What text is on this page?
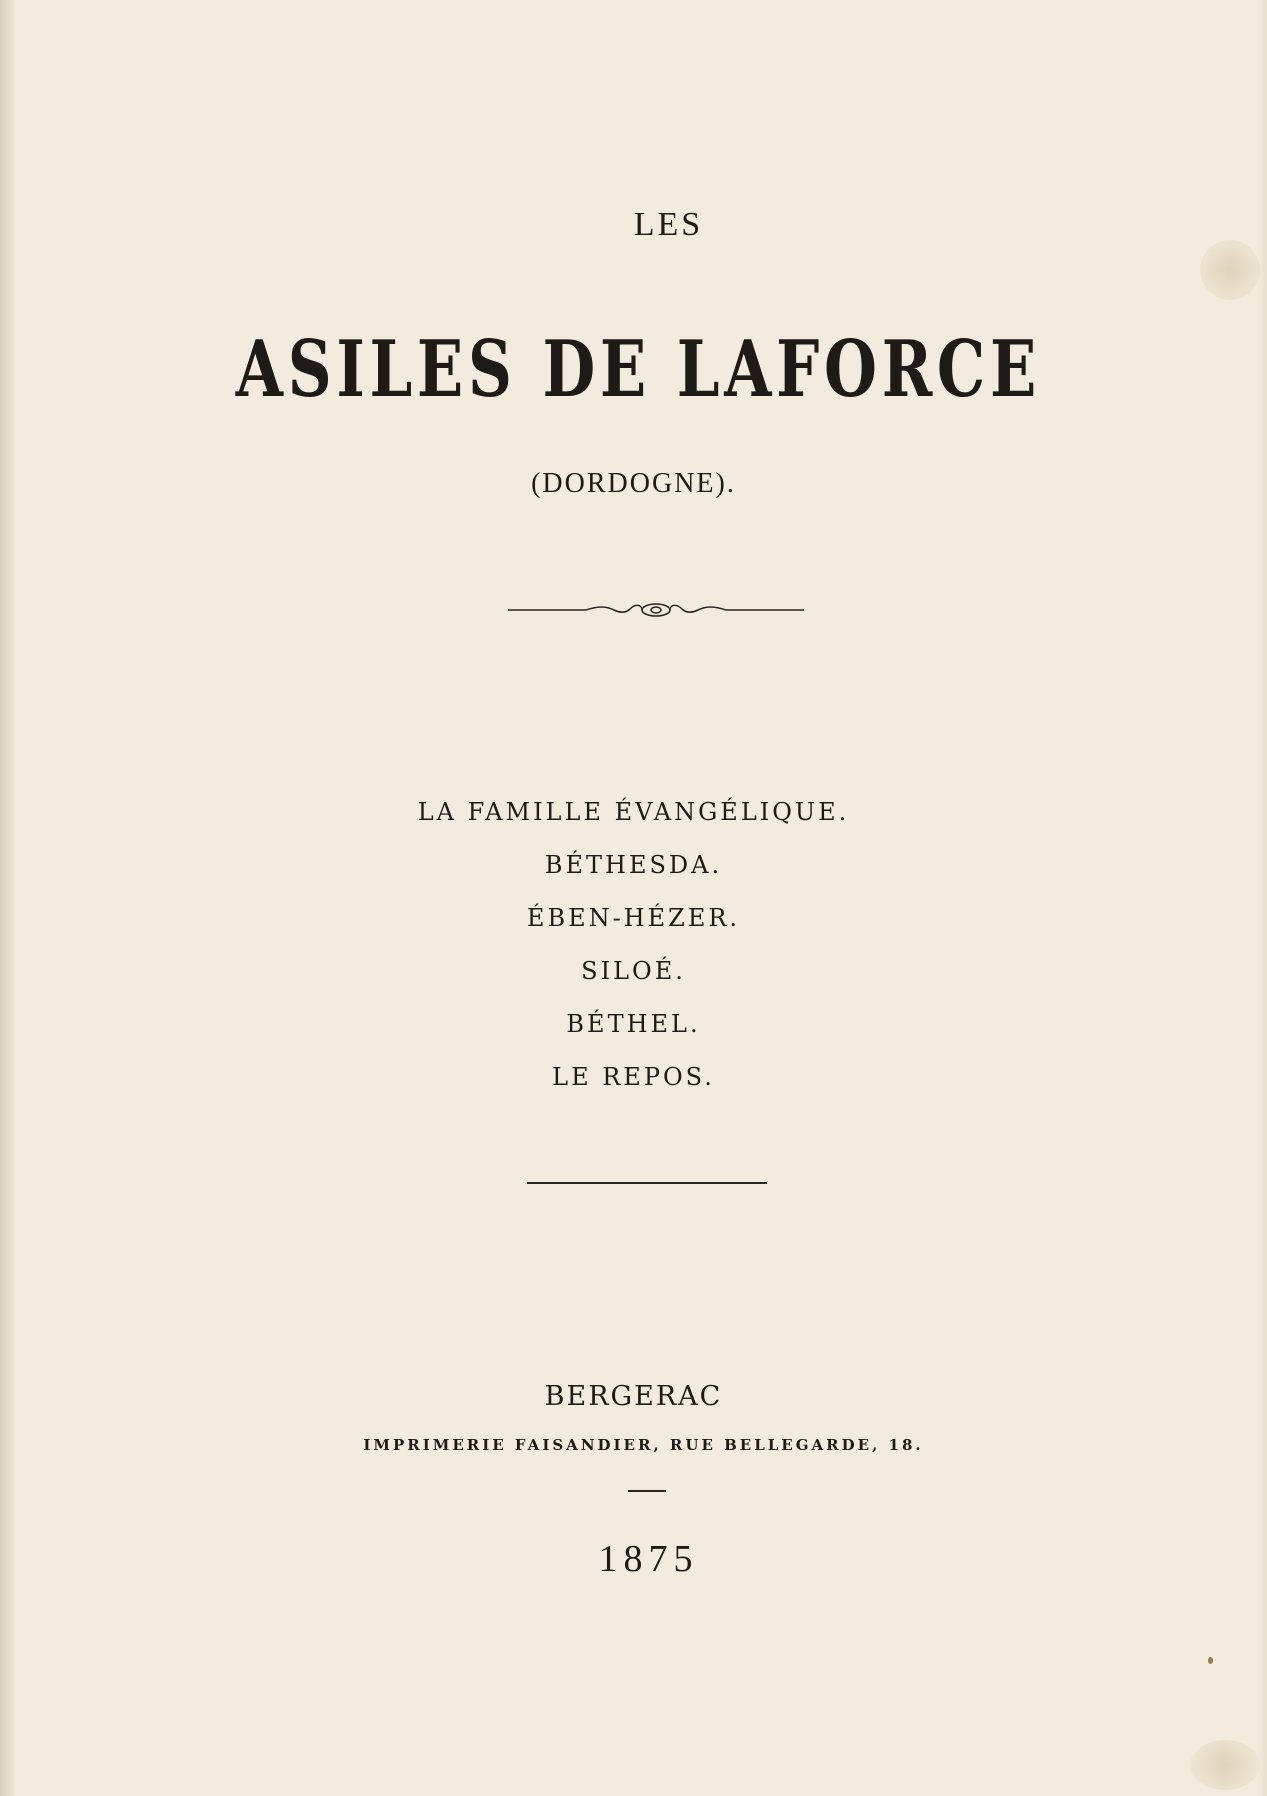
LES
ASILES DE LAFORCE
(DORDOGNE).
LA FAMILLE ÉVANGÉLIQUE.
BÉTHESDA.
ÉBEN-HÉZER.
SILOÉ.
BÉTHEL.
LE REPOS.
BERGERAC
IMPRIMERIE FAISANDIER, RUE BELLEGARDE, 18.
1875
